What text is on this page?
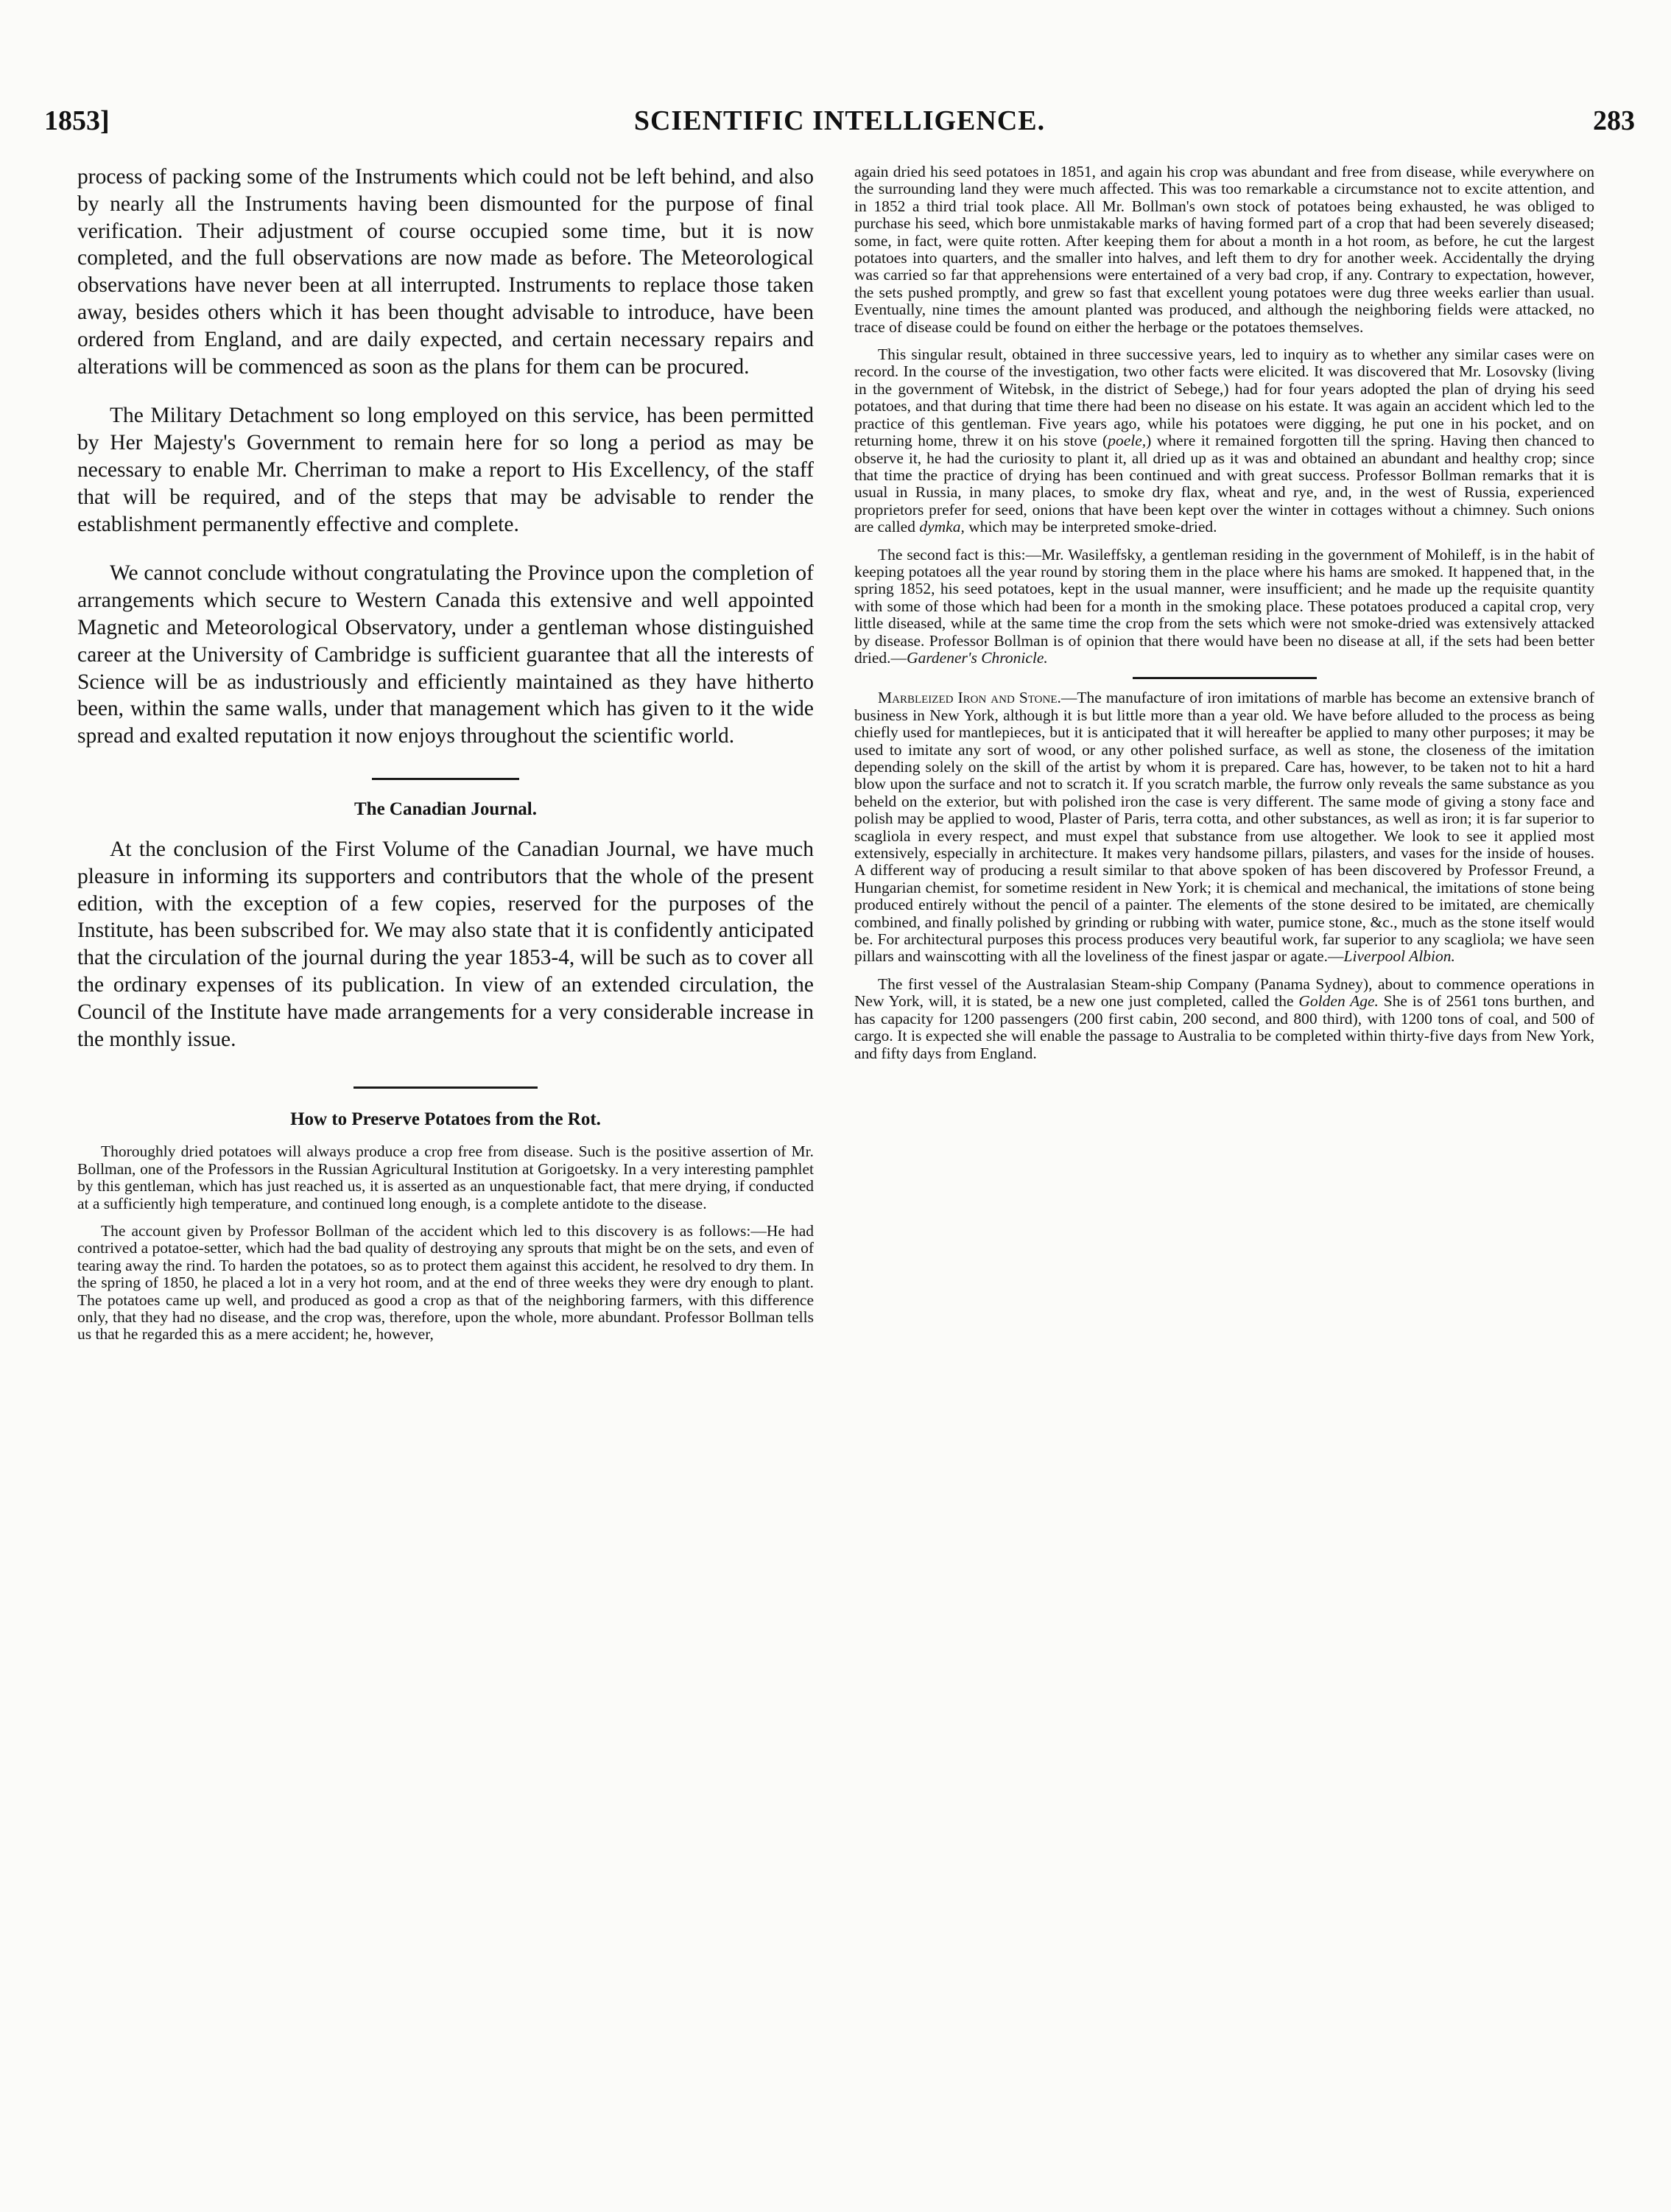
1853]	SCIENTIFIC INTELLIGENCE.	283

process of packing some of the Instruments which could not be left behind, and also by nearly all the Instruments having been dismounted for the purpose of final verification. Their adjustment of course occupied some time, but it is now completed, and the full observations are now made as before. The Meteorological observations have never been at all interrupted. Instruments to replace those taken away, besides others which it has been thought advisable to introduce, have been ordered from England, and are daily expected, and certain necessary repairs and alterations will be commenced as soon as the plans for them can be procured.

The Military Detachment so long employed on this service, has been permitted by Her Majesty's Government to remain here for so long a period as may be necessary to enable Mr. Cherriman to make a report to His Excellency, of the staff that will be required, and of the steps that may be advisable to render the establishment permanently effective and complete.

We cannot conclude without congratulating the Province upon the completion of arrangements which secure to Western Canada this extensive and well appointed Magnetic and Meteorological Observatory, under a gentleman whose distinguished career at the University of Cambridge is sufficient guarantee that all the interests of Science will be as industriously and efficiently maintained as they have hitherto been, within the same walls, under that management which has given to it the wide spread and exalted reputation it now enjoys throughout the scientific world.

The Canadian Journal.

At the conclusion of the First Volume of the Canadian Journal, we have much pleasure in informing its supporters and contributors that the whole of the present edition, with the exception of a few copies, reserved for the purposes of the Institute, has been subscribed for. We may also state that it is confidently anticipated that the circulation of the journal during the year 1853-4, will be such as to cover all the ordinary expenses of its publication. In view of an extended circulation, the Council of the Institute have made arrangements for a very considerable increase in the monthly issue.

How to Preserve Potatoes from the Rot.

Thoroughly dried potatoes will always produce a crop free from disease. Such is the positive assertion of Mr. Bollman, one of the Professors in the Russian Agricultural Institution at Gorigoetsky. In a very interesting pamphlet by this gentleman, which has just reached us, it is asserted as an unquestionable fact, that mere drying, if conducted at a sufficiently high temperature, and continued long enough, is a complete antidote to the disease.

The account given by Professor Bollman of the accident which led to this discovery is as follows:—He had contrived a potatoe-setter, which had the bad quality of destroying any sprouts that might be on the sets, and even of tearing away the rind. To harden the potatoes, so as to protect them against this accident, he resolved to dry them. In the spring of 1850, he placed a lot in a very hot room, and at the end of three weeks they were dry enough to plant. The potatoes came up well, and produced as good a crop as that of the neighboring farmers, with this difference only, that they had no disease, and the crop was, therefore, upon the whole, more abundant. Professor Bollman tells us that he regarded this as a mere accident; he, however,

again dried his seed potatoes in 1851, and again his crop was abundant and free from disease, while everywhere on the surrounding land they were much affected. This was too remarkable a circumstance not to excite attention, and in 1852 a third trial took place. All Mr. Bollman's own stock of potatoes being exhausted, he was obliged to purchase his seed, which bore unmistakable marks of having formed part of a crop that had been severely diseased; some, in fact, were quite rotten. After keeping them for about a month in a hot room, as before, he cut the largest potatoes into quarters, and the smaller into halves, and left them to dry for another week. Accidentally the drying was carried so far that apprehensions were entertained of a very bad crop, if any. Contrary to expectation, however, the sets pushed promptly, and grew so fast that excellent young potatoes were dug three weeks earlier than usual. Eventually, nine times the amount planted was produced, and although the neighboring fields were attacked, no trace of disease could be found on either the herbage or the potatoes themselves.

This singular result, obtained in three successive years, led to inquiry as to whether any similar cases were on record. In the course of the investigation, two other facts were elicited. It was discovered that Mr. Losovsky (living in the government of Witebsk, in the district of Sebege,) had for four years adopted the plan of drying his seed potatoes, and that during that time there had been no disease on his estate. It was again an accident which led to the practice of this gentleman. Five years ago, while his potatoes were digging, he put one in his pocket, and on returning home, threw it on his stove (poele,) where it remained forgotten till the spring. Having then chanced to observe it, he had the curiosity to plant it, all dried up as it was and obtained an abundant and healthy crop; since that time the practice of drying has been continued and with great success. Professor Bollman remarks that it is usual in Russia, in many places, to smoke dry flax, wheat and rye, and, in the west of Russia, experienced proprietors prefer for seed, onions that have been kept over the winter in cottages without a chimney. Such onions are called dymka, which may be interpreted smoke-dried.

The second fact is this:—Mr. Wasileffsky, a gentleman residing in the government of Mohileff, is in the habit of keeping potatoes all the year round by storing them in the place where his hams are smoked. It happened that, in the spring 1852, his seed potatoes, kept in the usual manner, were insufficient; and he made up the requisite quantity with some of those which had been for a month in the smoking place. These potatoes produced a capital crop, very little diseased, while at the same time the crop from the sets which were not smoke-dried was extensively attacked by disease. Professor Bollman is of opinion that there would have been no disease at all, if the sets had been better dried.—Gardener's Chronicle.

Marbleized Iron and Stone.—The manufacture of iron imitations of marble has become an extensive branch of business in New York, although it is but little more than a year old. We have before alluded to the process as being chiefly used for mantlepieces, but it is anticipated that it will hereafter be applied to many other purposes; it may be used to imitate any sort of wood, or any other polished surface, as well as stone, the closeness of the imitation depending solely on the skill of the artist by whom it is prepared. Care has, however, to be taken not to hit a hard blow upon the surface and not to scratch it. If you scratch marble, the furrow only reveals the same substance as you beheld on the exterior, but with polished iron the case is very different. The same mode of giving a stony face and polish may be applied to wood, Plaster of Paris, terra cotta, and other substances, as well as iron; it is far superior to scagliola in every respect, and must expel that substance from use altogether. We look to see it applied most extensively, especially in architecture. It makes very handsome pillars, pilasters, and vases for the inside of houses. A different way of producing a result similar to that above spoken of has been discovered by Professor Freund, a Hungarian chemist, for sometime resident in New York; it is chemical and mechanical, the imitations of stone being produced entirely without the pencil of a painter. The elements of the stone desired to be imitated, are chemically combined, and finally polished by grinding or rubbing with water, pumice stone, &c., much as the stone itself would be. For architectural purposes this process produces very beautiful work, far superior to any scagliola; we have seen pillars and wainscotting with all the loveliness of the finest jaspar or agate.—Liverpool Albion.

The first vessel of the Australasian Steam-ship Company (Panama Sydney), about to commence operations in New York, will, it is stated, be a new one just completed, called the Golden Age. She is of 2561 tons burthen, and has capacity for 1200 passengers (200 first cabin, 200 second, and 800 third), with 1200 tons of coal, and 500 of cargo. It is expected she will enable the passage to Australia to be completed within thirty-five days from New York, and fifty days from England.
